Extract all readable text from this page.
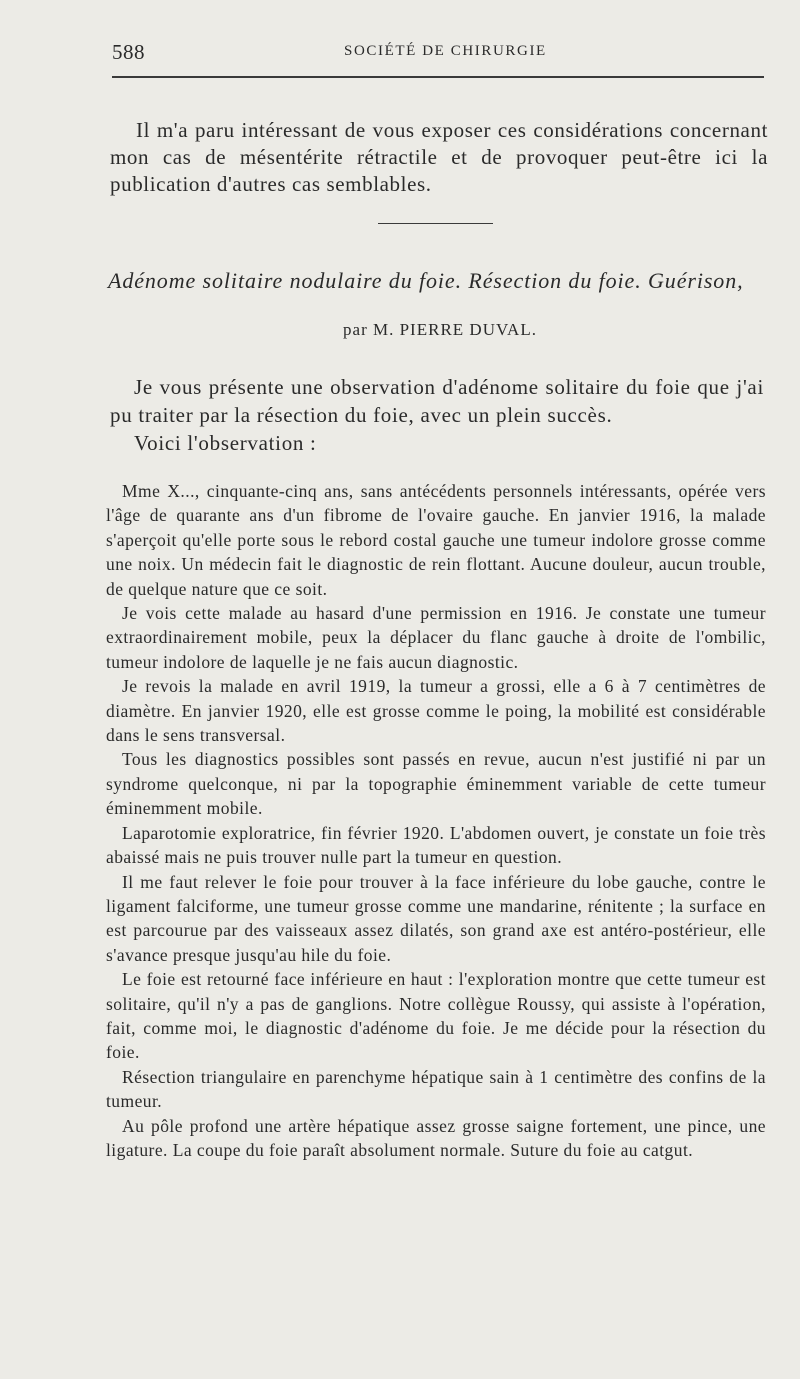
588	SOCIÉTÉ DE CHIRURGIE

Il m'a paru intéressant de vous exposer ces considérations concernant mon cas de mésentérite rétractile et de provoquer peut-être ici la publication d'autres cas semblables.

Adénome solitaire nodulaire du foie. Résection du foie. Guérison,
par M. PIERRE DUVAL.

Je vous présente une observation d'adénome solitaire du foie que j'ai pu traiter par la résection du foie, avec un plein succès.

Voici l'observation :

Mme X..., cinquante-cinq ans, sans antécédents personnels intéressants, opérée vers l'âge de quarante ans d'un fibrome de l'ovaire gauche. En janvier 1916, la malade s'aperçoit qu'elle porte sous le rebord costal gauche une tumeur indolore grosse comme une noix. Un médecin fait le diagnostic de rein flottant. Aucune douleur, aucun trouble, de quelque nature que ce soit.

Je vois cette malade au hasard d'une permission en 1916. Je constate une tumeur extraordinairement mobile, peux la déplacer du flanc gauche à droite de l'ombilic, tumeur indolore de laquelle je ne fais aucun diagnostic.

Je revois la malade en avril 1919, la tumeur a grossi, elle a 6 à 7 centimètres de diamètre. En janvier 1920, elle est grosse comme le poing, la mobilité est considérable dans le sens transversal.

Tous les diagnostics possibles sont passés en revue, aucun n'est justifié ni par un syndrome quelconque, ni par la topographie éminemment variable de cette tumeur éminemment mobile.

Laparotomie exploratrice, fin février 1920. L'abdomen ouvert, je constate un foie très abaissé mais ne puis trouver nulle part la tumeur en question.

Il me faut relever le foie pour trouver à la face inférieure du lobe gauche, contre le ligament falciforme, une tumeur grosse comme une mandarine, rénitente ; la surface en est parcourue par des vaisseaux assez dilatés, son grand axe est antéro-postérieur, elle s'avance presque jusqu'au hile du foie.

Le foie est retourné face inférieure en haut : l'exploration montre que cette tumeur est solitaire, qu'il n'y a pas de ganglions. Notre collègue Roussy, qui assiste à l'opération, fait, comme moi, le diagnostic d'adénome du foie. Je me décide pour la résection du foie.

Résection triangulaire en parenchyme hépatique sain à 1 centimètre des confins de la tumeur.

Au pôle profond une artère hépatique assez grosse saigne fortement, une pince, une ligature. La coupe du foie paraît absolument normale. Suture du foie au catgut.
